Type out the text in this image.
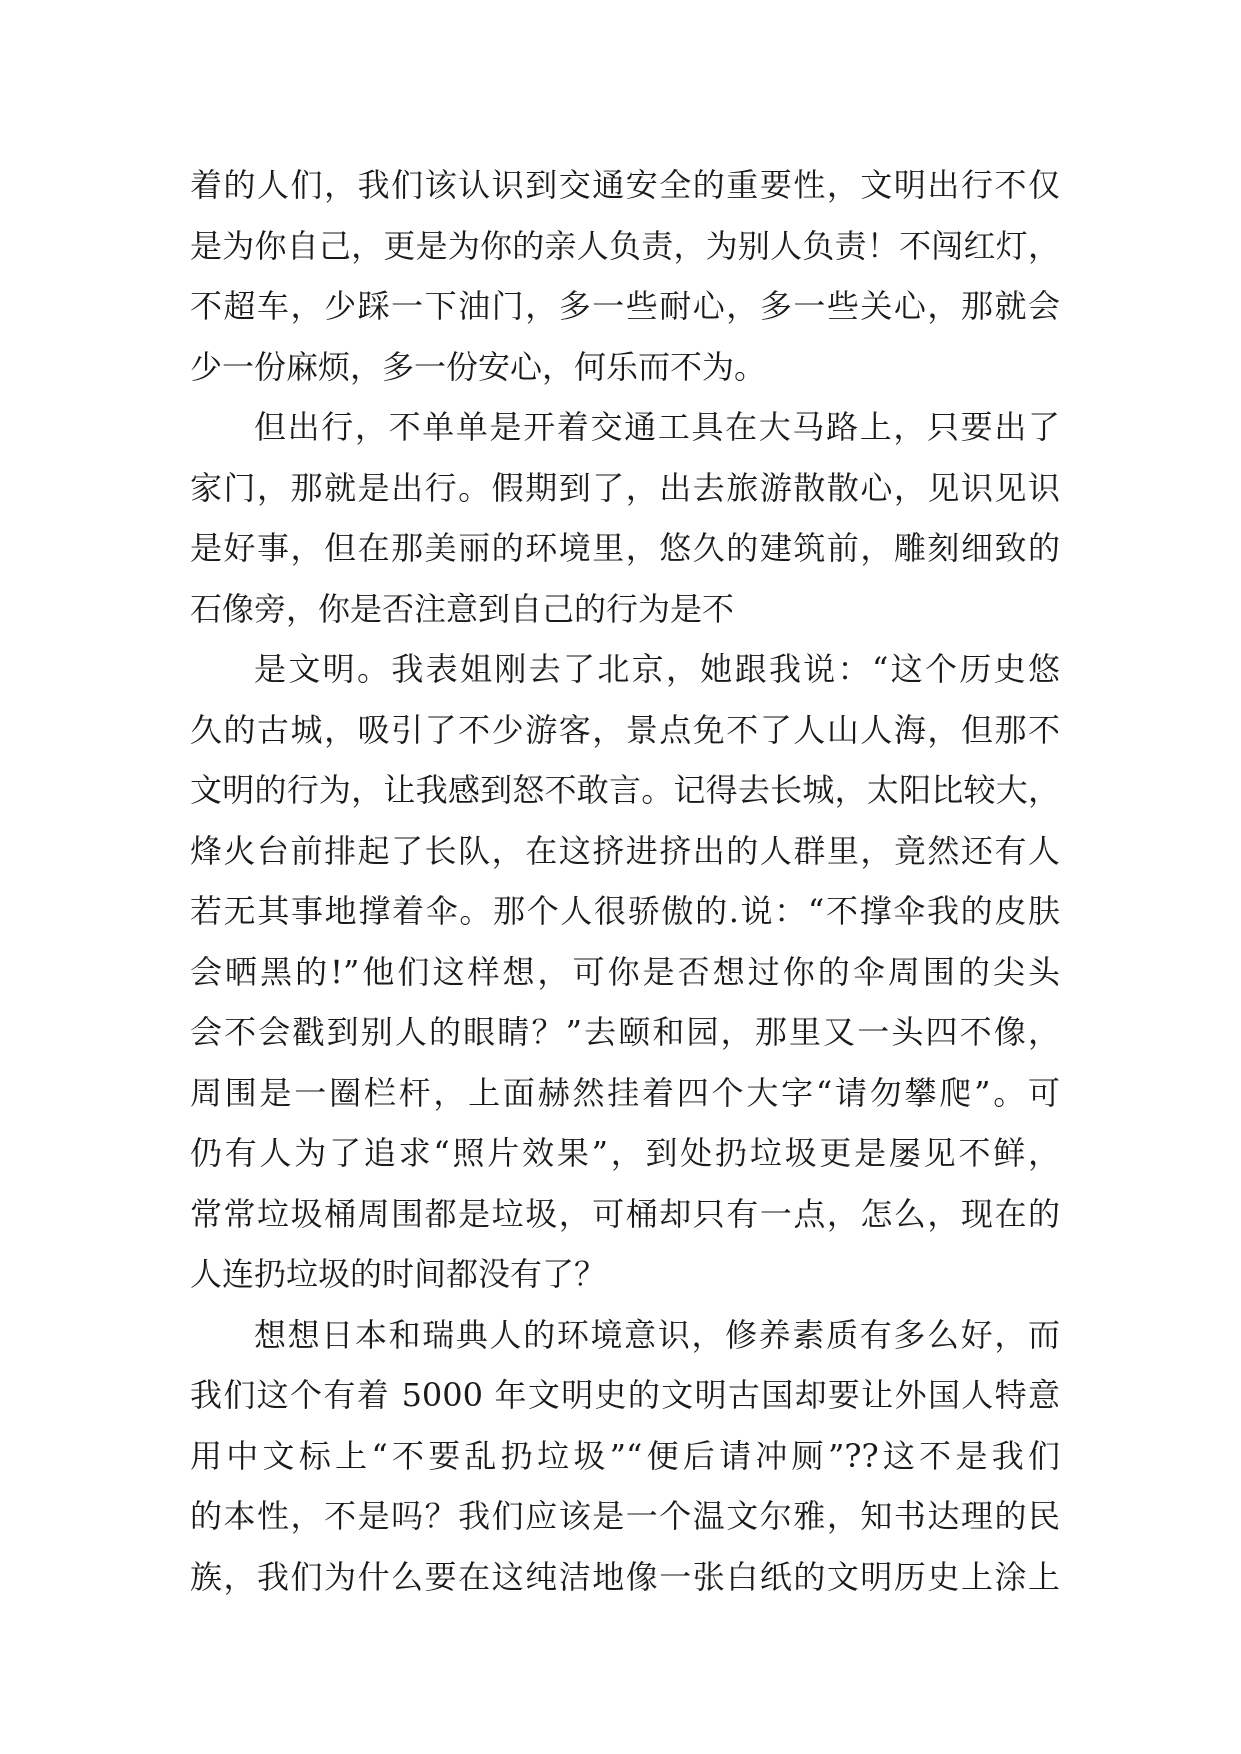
着的人们，我们该认识到交通安全的重要性，文明出行不仅
是为你自己，更是为你的亲人负责，为别人负责！不闯红灯，
不超车，少踩一下油门，多一些耐心，多一些关心，那就会
少一份麻烦，多一份安心，何乐而不为。
但出行，不单单是开着交通工具在大马路上，只要出了
家门，那就是出行。假期到了，出去旅游散散心，见识见识
是好事，但在那美丽的环境里，悠久的建筑前，雕刻细致的
石像旁，你是否注意到自己的行为是不
是文明。我表姐刚去了北京，她跟我说：“这个历史悠
久的古城，吸引了不少游客，景点免不了人山人海，但那不
文明的行为，让我感到怒不敢言。记得去长城，太阳比较大，
烽火台前排起了长队，在这挤进挤出的人群里，竟然还有人
若无其事地撑着伞。那个人很骄傲的.说：“不撑伞我的皮肤
会晒黑的!”他们这样想，可你是否想过你的伞周围的尖头
会不会戳到别人的眼睛？”去颐和园，那里又一头四不像，
周围是一圈栏杆，上面赫然挂着四个大字“请勿攀爬”。可
仍有人为了追求“照片效果”，到处扔垃圾更是屡见不鲜，
常常垃圾桶周围都是垃圾，可桶却只有一点，怎么，现在的
人连扔垃圾的时间都没有了？
想想日本和瑞典人的环境意识，修养素质有多么好，而
我们这个有着 5000 年文明史的文明古国却要让外国人特意
用中文标上“不要乱扔垃圾”“便后请冲厕”??这不是我们
的本性，不是吗？我们应该是一个温文尔雅，知书达理的民
族，我们为什么要在这纯洁地像一张白纸的文明历史上涂上
